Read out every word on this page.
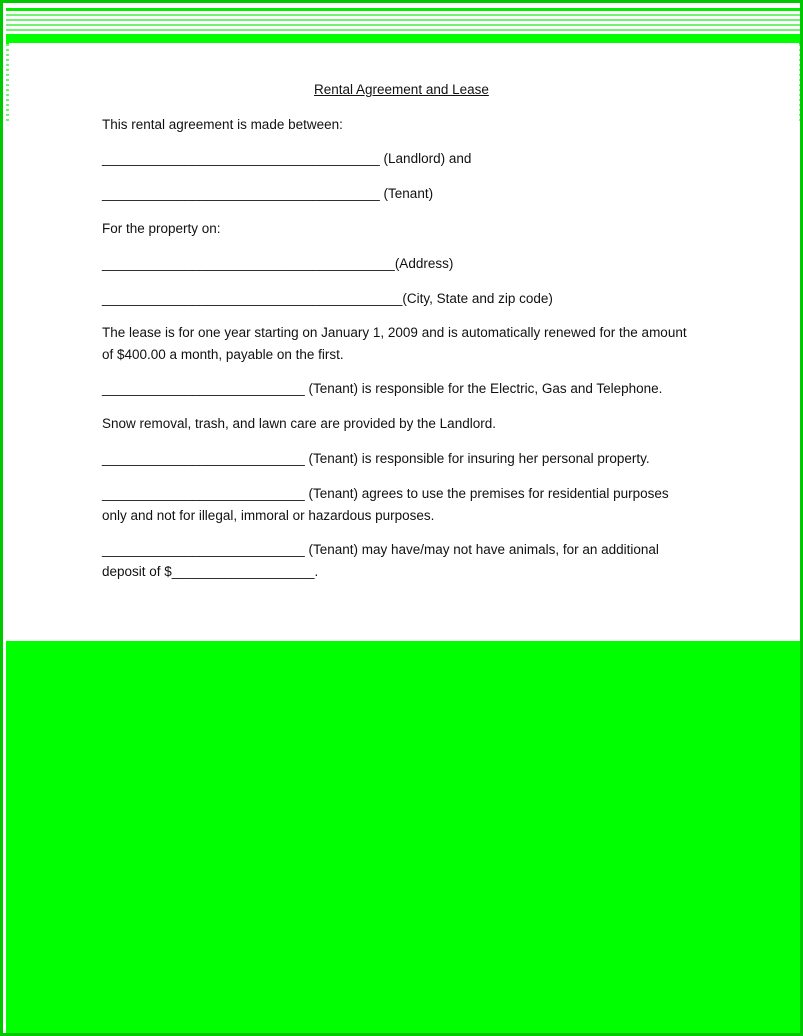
Rental Agreement and Lease
This rental agreement is made between:
_____________________________________ (Landlord) and
_____________________________________ (Tenant)
For the property on:
_______________________________________(Address)
________________________________________(City, State and zip code)
The lease is for one year starting on January 1, 2009 and is automatically renewed for the amount of $400.00 a month, payable on the first.
___________________________ (Tenant) is responsible for the Electric, Gas and Telephone.
Snow removal, trash, and lawn care are provided by the Landlord.
___________________________ (Tenant) is responsible for insuring her personal property.
___________________________ (Tenant) agrees to use the premises for residential purposes only and not for illegal, immoral or hazardous purposes.
___________________________ (Tenant) may have/may not have animals, for an additional deposit of $___________________.
